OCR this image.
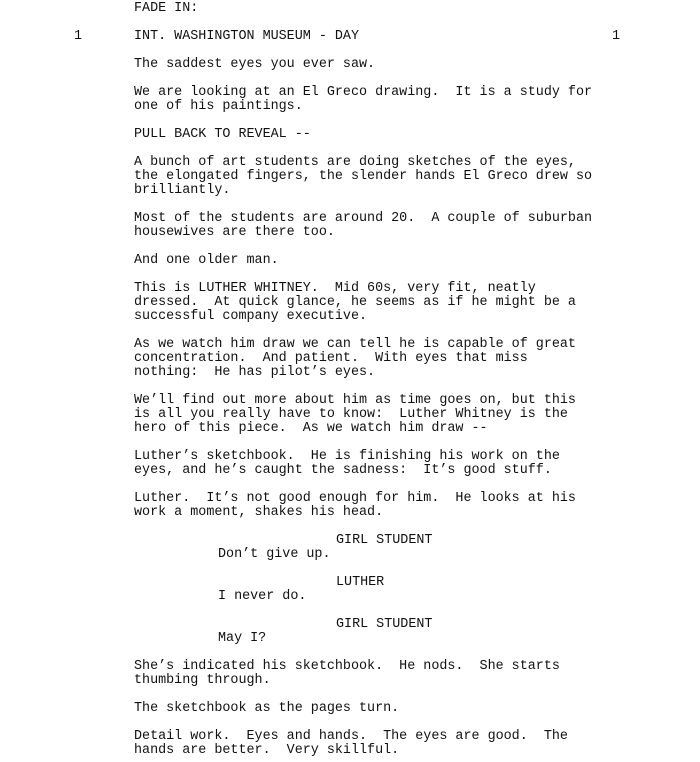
FADE IN:
1	INT. WASHINGTON MUSEUM - DAY	1
The saddest eyes you ever saw.
We are looking at an El Greco drawing.  It is a study for
one of his paintings.
PULL BACK TO REVEAL --
A bunch of art students are doing sketches of the eyes,
the elongated fingers, the slender hands El Greco drew so
brilliantly.
Most of the students are around 20.  A couple of suburban
housewives are there too.
And one older man.
This is LUTHER WHITNEY.  Mid 60s, very fit, neatly
dressed.  At quick glance, he seems as if he might be a
successful company executive.
As we watch him draw we can tell he is capable of great
concentration.  And patient.  With eyes that miss
nothing:  He has pilot’s eyes.
We’ll find out more about him as time goes on, but this
is all you really have to know:  Luther Whitney is the
hero of this piece.  As we watch him draw --
Luther’s sketchbook.  He is finishing his work on the
eyes, and he’s caught the sadness:  It’s good stuff.
Luther.  It’s not good enough for him.  He looks at his
work a moment, shakes his head.
GIRL STUDENT
Don’t give up.
LUTHER
I never do.
GIRL STUDENT
May I?
She’s indicated his sketchbook.  He nods.  She starts
thumbing through.
The sketchbook as the pages turn.
Detail work.  Eyes and hands.  The eyes are good.  The
hands are better.  Very skillful.
